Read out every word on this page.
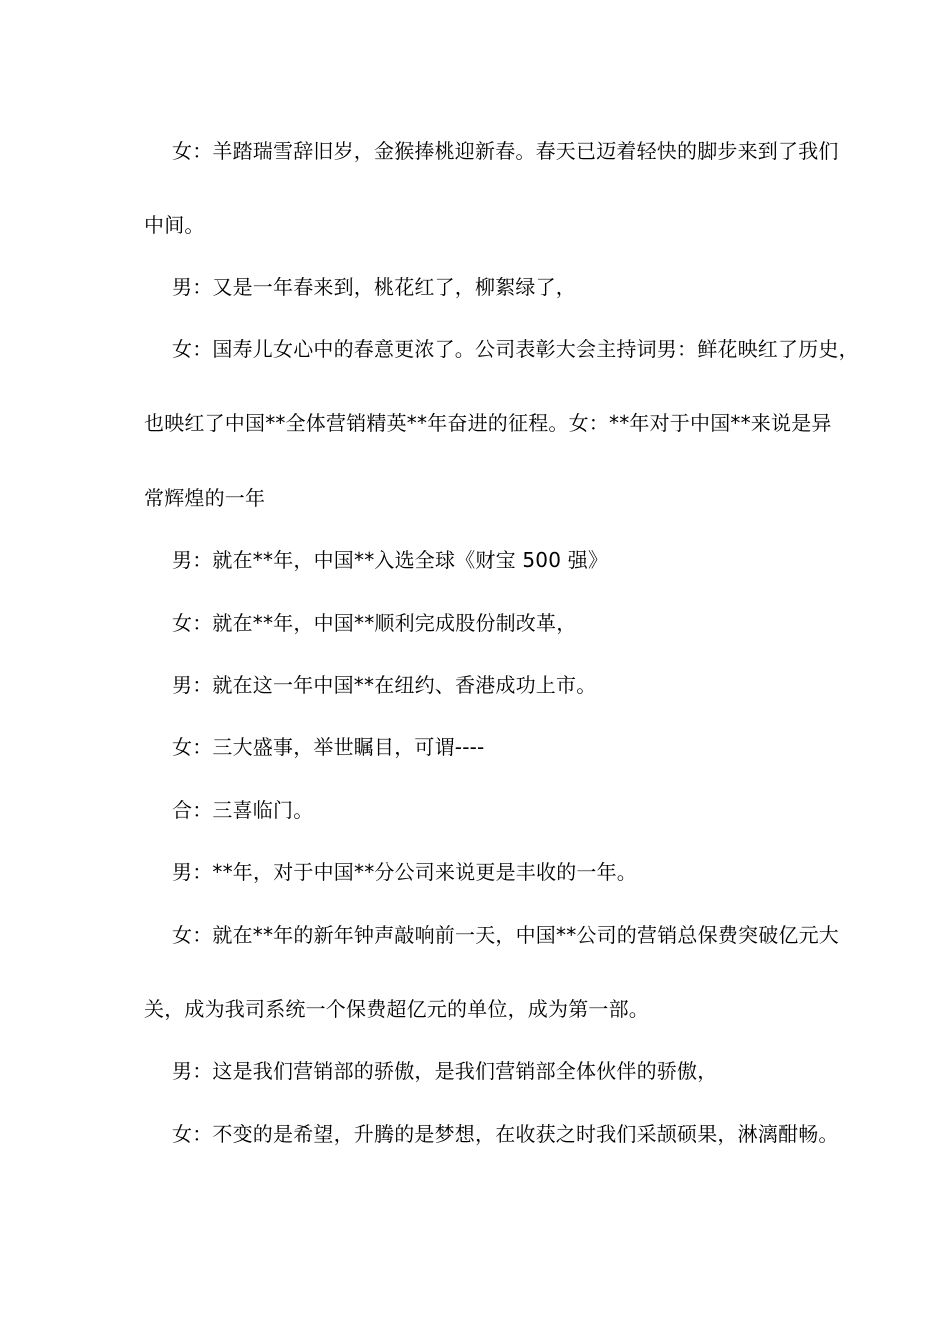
女：羊踏瑞雪辞旧岁，金猴捧桃迎新春。春天已迈着轻快的脚步来到了我们
中间。
男：又是一年春来到，桃花红了，柳絮绿了，
女：国寿儿女心中的春意更浓了。公司表彰大会主持词男：鲜花映红了历史，
也映红了中国**全体营销精英**年奋进的征程。女：**年对于中国**来说是异
常辉煌的一年
男：就在**年，中国**入选全球《财宝 500 强》
女：就在**年，中国**顺利完成股份制改革，
男：就在这一年中国**在纽约、香港成功上市。
女：三大盛事，举世瞩目，可谓----
合：三喜临门。
男：**年，对于中国**分公司来说更是丰收的一年。
女：就在**年的新年钟声敲响前一天，中国**公司的营销总保费突破亿元大
关，成为我司系统一个保费超亿元的单位，成为第一部。
男：这是我们营销部的骄傲，是我们营销部全体伙伴的骄傲，
女：不变的是希望，升腾的是梦想，在收获之时我们采颉硕果，淋漓酣畅。
